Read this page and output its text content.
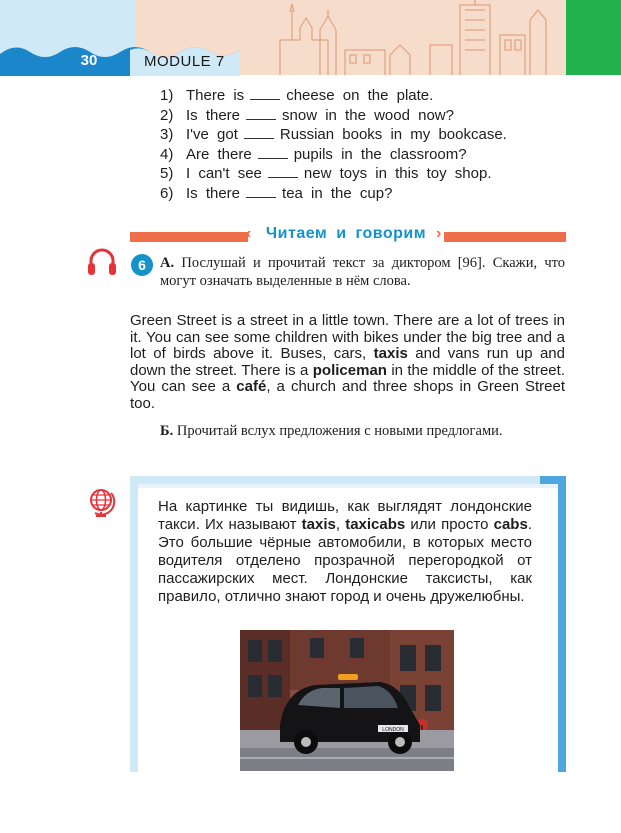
30	MODULE 7
1) There is	cheese on the plate.
2) Is there	snow in the wood now?
3) I've got	Russian books in my bookcase.
4) Are there	pupils in the classroom?
5) I can't see	new toys in this toy shop.
6) Is there	tea in the cup?
‹	›
Читаем и говорим
6 А. Послушай и прочитай текст за диктором [96]. Скажи, что могут означать выделенные в нём слова.
Green Street is a street in a little town. There are a lot of trees in it. You can see some children with bikes under the big tree and a lot of birds above it. Buses, cars, taxis and vans run up and down the street. There is a policeman in the middle of the street. You can see a café, a church and three shops in Green Street too.
Б. Прочитай вслух предложения с новыми предлогами.
На картинке ты видишь, как выглядят лондонские такси. Их называют taxis, taxicabs или просто cabs. Это большие чёрные автомобили, в которых место водителя отделено прозрачной перегородкой от пассажирских мест. Лондонские таксисты, как правило, отлично знают город и очень дружелюбны.
LONDON
